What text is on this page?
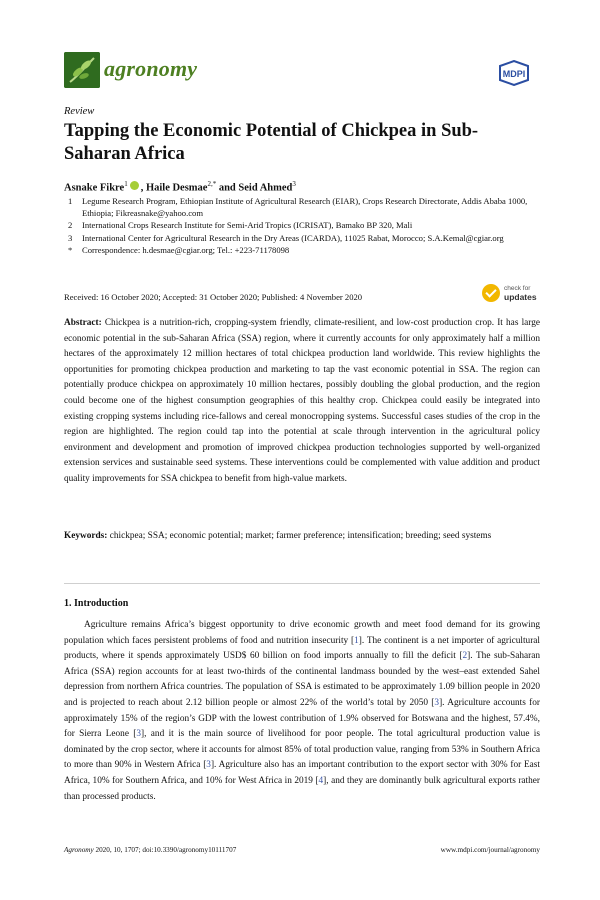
agronomy	MDPI
Review
Tapping the Economic Potential of Chickpea in Sub-Saharan Africa
Asnake Fikre$^1$ , Haile Desmae$^{2,*}$ and Seid Ahmed$^3$
1	Legume Research Program, Ethiopian Institute of Agricultural Research (EIAR), Crops Research Directorate, Addis Ababa 1000, Ethiopia; Fikreasnake@yahoo.com
2	International Crops Research Institute for Semi-Arid Tropics (ICRISAT), Bamako BP 320, Mali
3	International Center for Agricultural Research in the Dry Areas (ICARDA), 11025 Rabat, Morocco; S.A.Kemal@cgiar.org
*	Correspondence: h.desmae@cgiar.org; Tel.: +223-71178098
Received: 16 October 2020; Accepted: 31 October 2020; Published: 4 November 2020
check for
updates

Abstract: Chickpea is a nutrition-rich, cropping-system friendly, climate-resilient, and low-cost production crop. It has large economic potential in the sub-Saharan Africa (SSA) region, where it currently accounts for only approximately half a million hectares of the approximately 12 million hectares of total chickpea production land worldwide. This review highlights the opportunities for promoting chickpea production and marketing to tap the vast economic potential in SSA. The region can potentially produce chickpea on approximately 10 million hectares, possibly doubling the global production, and the region could become one of the highest consumption geographies of this healthy crop. Chickpea could easily be integrated into existing cropping systems including rice-fallows and cereal monocropping systems. Successful cases studies of the crop in the region are highlighted. The region could tap into the potential at scale through intervention in the agricultural policy environment and development and promotion of improved chickpea production technologies supported by well-organized extension services and sustainable seed systems. These interventions could be complemented with value addition and product quality improvements for SSA chickpea to benefit from high-value markets.

Keywords: chickpea; SSA; economic potential; market; farmer preference; intensification; breeding; seed systems

1. Introduction

Agriculture remains Africa’s biggest opportunity to drive economic growth and meet food demand for its growing population which faces persistent problems of food and nutrition insecurity [1]. The continent is a net importer of agricultural products, where it spends approximately USD$ 60 billion on food imports annually to fill the deficit [2]. The sub-Saharan Africa (SSA) region accounts for at least two-thirds of the continental landmass bounded by the west–east extended Sahel depression from northern Africa countries. The population of SSA is estimated to be approximately 1.09 billion people in 2020 and is projected to reach about 2.12 billion people or almost 22% of the world’s total by 2050 [3]. Agriculture accounts for approximately 15% of the region’s GDP with the lowest contribution of 1.9% observed for Botswana and the highest, 57.4%, for Sierra Leone [3], and it is the main source of livelihood for poor people. The total agricultural production value is dominated by the crop sector, where it accounts for almost 85% of total production value, ranging from 53% in Southern Africa to more than 90% in Western Africa [3]. Agriculture also has an important contribution to the export sector with 30% for East Africa, 10% for Southern Africa, and 10% for West Africa in 2019 [4], and they are dominantly bulk agricultural exports rather than processed products.

Agronomy 2020, 10, 1707; doi:10.3390/agronomy10111707	www.mdpi.com/journal/agronomy
